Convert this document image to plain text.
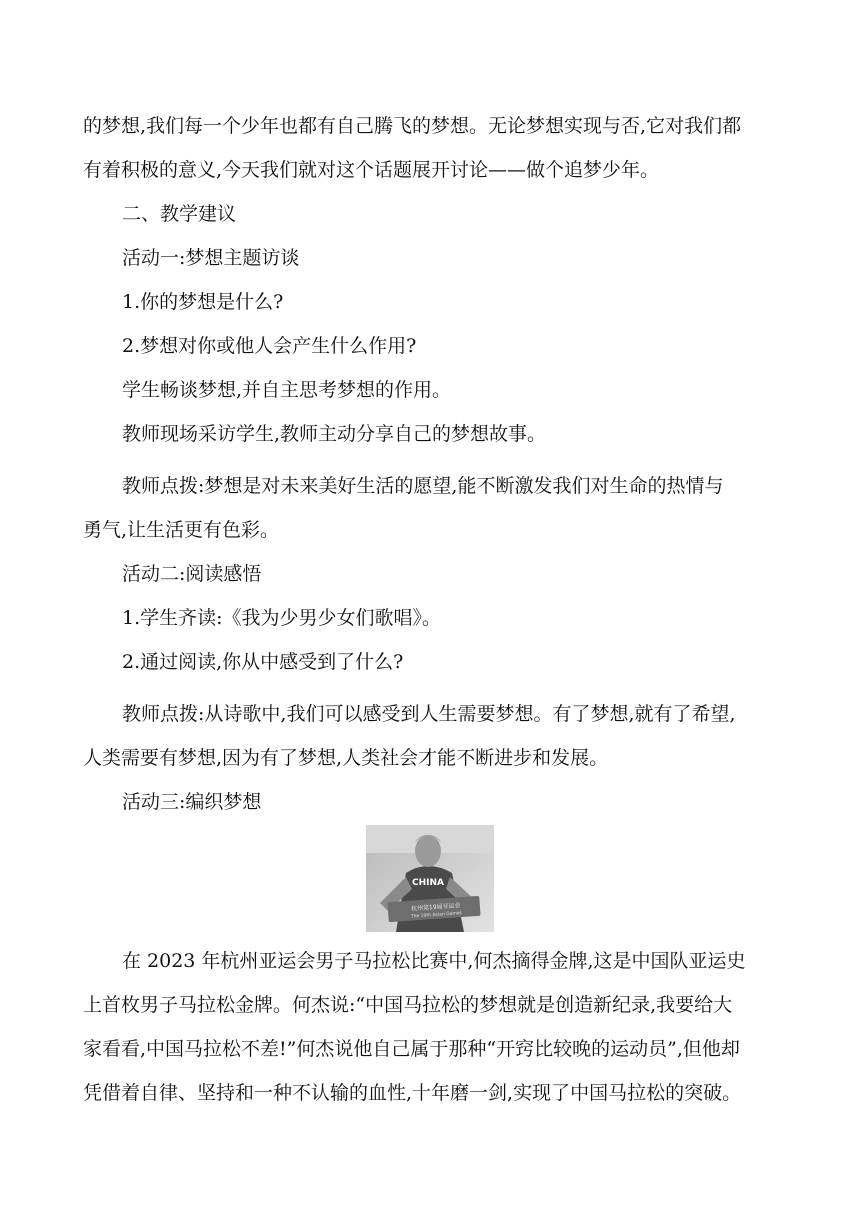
的梦想,我们每一个少年也都有自己腾飞的梦想。无论梦想实现与否,它对我们都

有着积极的意义,今天我们就对这个话题展开讨论——做个追梦少年。

二、教学建议

活动一:梦想主题访谈

1.你的梦想是什么?

2.梦想对你或他人会产生什么作用?

学生畅谈梦想,并自主思考梦想的作用。

教师现场采访学生,教师主动分享自己的梦想故事。

教师点拨:梦想是对未来美好生活的愿望,能不断激发我们对生命的热情与

勇气,让生活更有色彩。

活动二:阅读感悟

1.学生齐读:《我为少男少女们歌唱》。

2.通过阅读,你从中感受到了什么?

教师点拨:从诗歌中,我们可以感受到人生需要梦想。有了梦想,就有了希望,

人类需要有梦想,因为有了梦想,人类社会才能不断进步和发展。

活动三:编织梦想

CHINA
杭州第19届亚运会
The 19th Asian Games

在 2023 年杭州亚运会男子马拉松比赛中,何杰摘得金牌,这是中国队亚运史

上首枚男子马拉松金牌。何杰说:“中国马拉松的梦想就是创造新纪录,我要给大

家看看,中国马拉松不差!”何杰说他自己属于那种“开窍比较晚的运动员”,但他却

凭借着自律、坚持和一种不认输的血性,十年磨一剑,实现了中国马拉松的突破。
